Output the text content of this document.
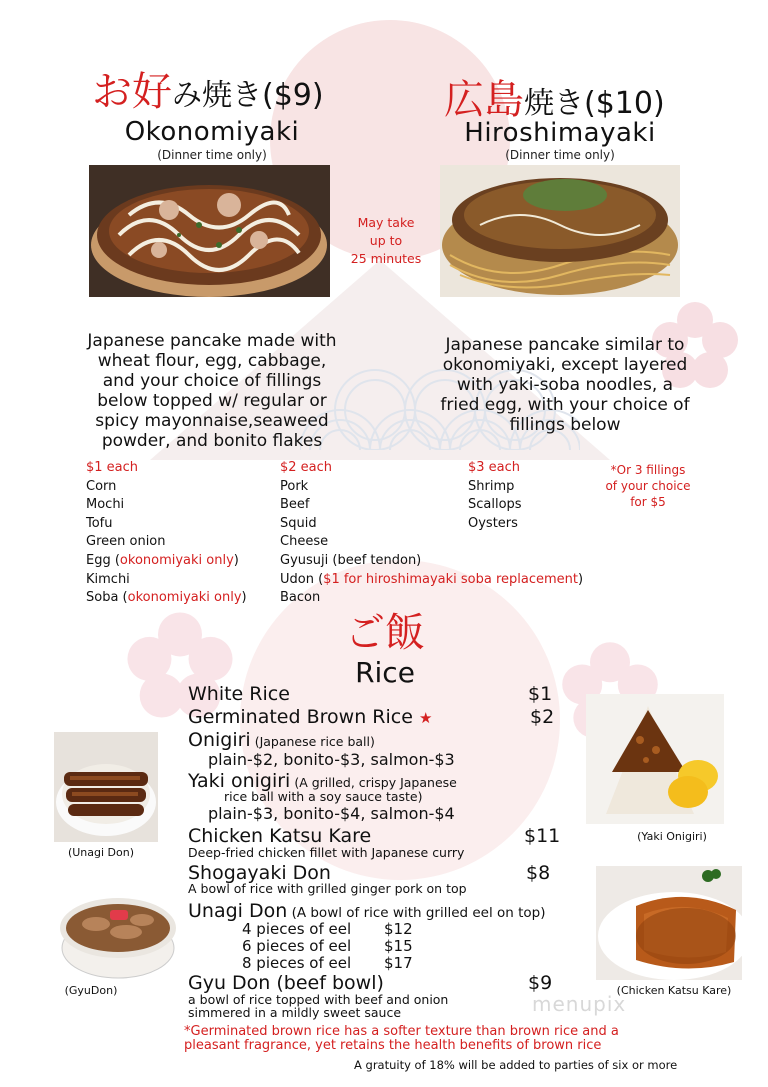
お好み焼き($9)
Okonomiyaki
(Dinner time only)
広島焼き($10)
Hiroshimayaki
(Dinner time only)
May take
up to
25 minutes
Japanese pancake made with
wheat flour, egg, cabbage,
and your choice of fillings
below topped w/ regular or
spicy mayonnaise,seaweed
powder, and bonito flakes
Japanese pancake similar to
okonomiyaki, except layered
with yaki-soba noodles, a
fried egg, with your choice of
fillings below
$1 each
Corn
Mochi
Tofu
Green onion
Egg (okonomiyaki only)
Kimchi
Soba (okonomiyaki only)
$2 each
Pork
Beef
Squid
Cheese
Gyusuji (beef tendon)
Udon ($1 for hiroshimayaki soba replacement)
Bacon
$3 each
Shrimp
Scallops
Oysters
*Or 3 fillings
of your choice
for $5
ご飯
Rice
White Rice	$1
Germinated Brown Rice ★	$2
Onigiri (Japanese rice ball)
plain-$2, bonito-$3, salmon-$3
Yaki onigiri (A grilled, crispy Japanese
rice ball with a soy sauce taste)
plain-$3, bonito-$4, salmon-$4
Chicken Katsu Kare	$11
Deep-fried chicken fillet with Japanese curry
Shogayaki Don	$8
A bowl of rice with grilled ginger pork on top
Unagi Don (A bowl of rice with grilled eel on top)
4 pieces of eel $12
6 pieces of eel $15
8 pieces of eel $17
Gyu Don (beef bowl)	$9
a bowl of rice topped with beef and onion
simmered in a mildly sweet sauce
(Unagi Don)
(GyuDon)
(Yaki Onigiri)
(Chicken Katsu Kare)
menupix
*Germinated brown rice has a softer texture than brown rice and a
pleasant fragrance, yet retains the health benefits of brown rice
A gratuity of 18% will be added to parties of six or more
